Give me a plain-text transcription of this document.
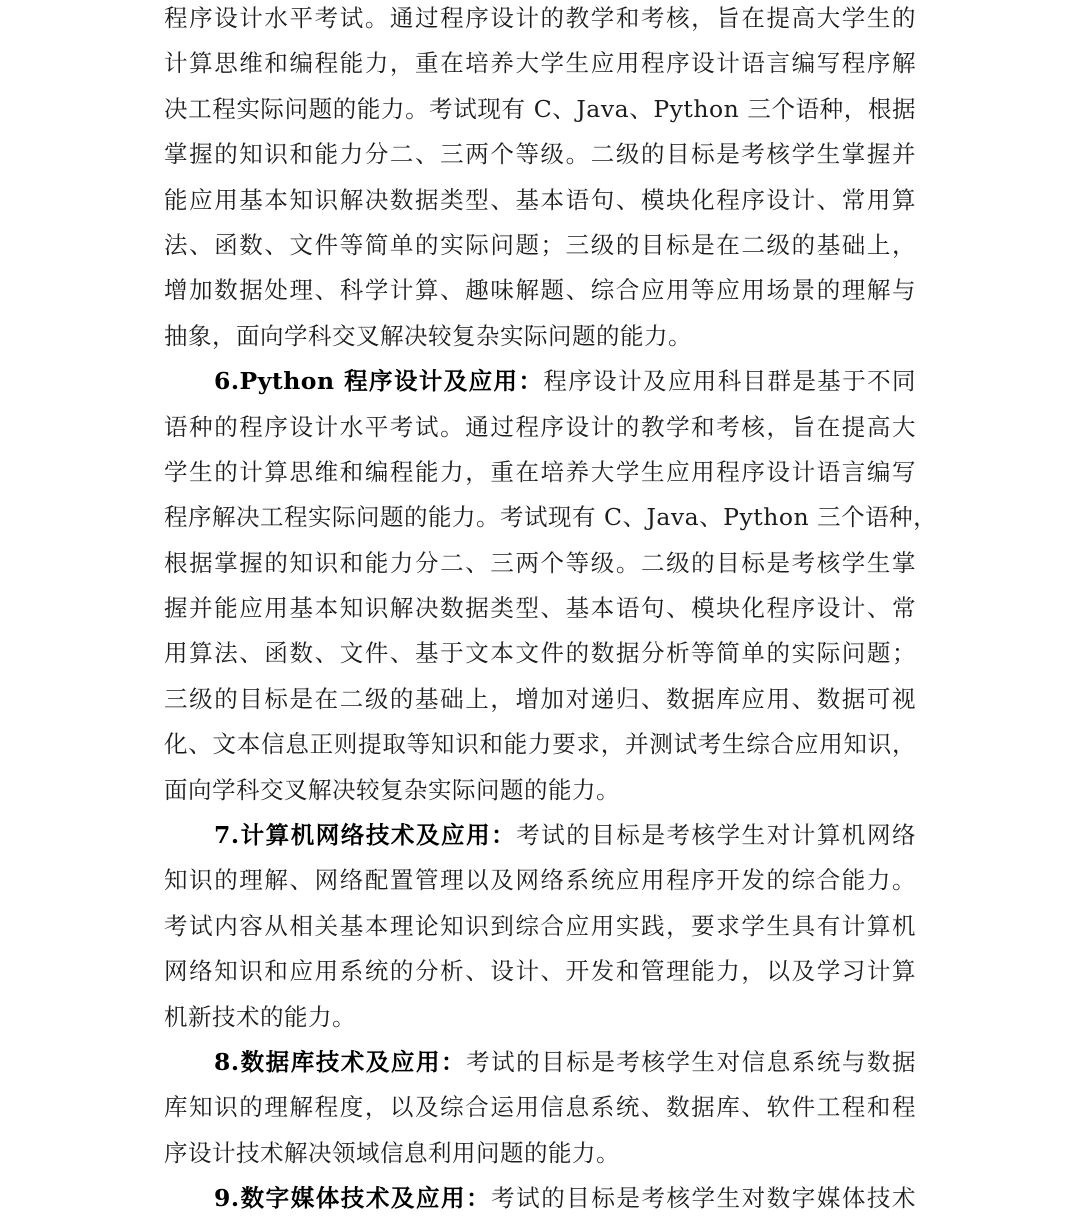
程序设计水平考试。通过程序设计的教学和考核，旨在提高大学生的
计算思维和编程能力，重在培养大学生应用程序设计语言编写程序解
决工程实际问题的能力。考试现有 C、Java、Python 三个语种，根据
掌握的知识和能力分二、三两个等级。二级的目标是考核学生掌握并
能应用基本知识解决数据类型、基本语句、模块化程序设计、常用算
法、函数、文件等简单的实际问题；三级的目标是在二级的基础上，
增加数据处理、科学计算、趣味解题、综合应用等应用场景的理解与
抽象，面向学科交叉解决较复杂实际问题的能力。
6.Python 程序设计及应用：程序设计及应用科目群是基于不同
语种的程序设计水平考试。通过程序设计的教学和考核，旨在提高大
学生的计算思维和编程能力，重在培养大学生应用程序设计语言编写
程序解决工程实际问题的能力。考试现有 C、Java、Python 三个语种，
根据掌握的知识和能力分二、三两个等级。二级的目标是考核学生掌
握并能应用基本知识解决数据类型、基本语句、模块化程序设计、常
用算法、函数、文件、基于文本文件的数据分析等简单的实际问题；
三级的目标是在二级的基础上，增加对递归、数据库应用、数据可视
化、文本信息正则提取等知识和能力要求，并测试考生综合应用知识，
面向学科交叉解决较复杂实际问题的能力。
7.计算机网络技术及应用：考试的目标是考核学生对计算机网络
知识的理解、网络配置管理以及网络系统应用程序开发的综合能力。
考试内容从相关基本理论知识到综合应用实践，要求学生具有计算机
网络知识和应用系统的分析、设计、开发和管理能力，以及学习计算
机新技术的能力。
8.数据库技术及应用：考试的目标是考核学生对信息系统与数据
库知识的理解程度，以及综合运用信息系统、数据库、软件工程和程
序设计技术解决领域信息利用问题的能力。
9.数字媒体技术及应用：考试的目标是考核学生对数字媒体技术
